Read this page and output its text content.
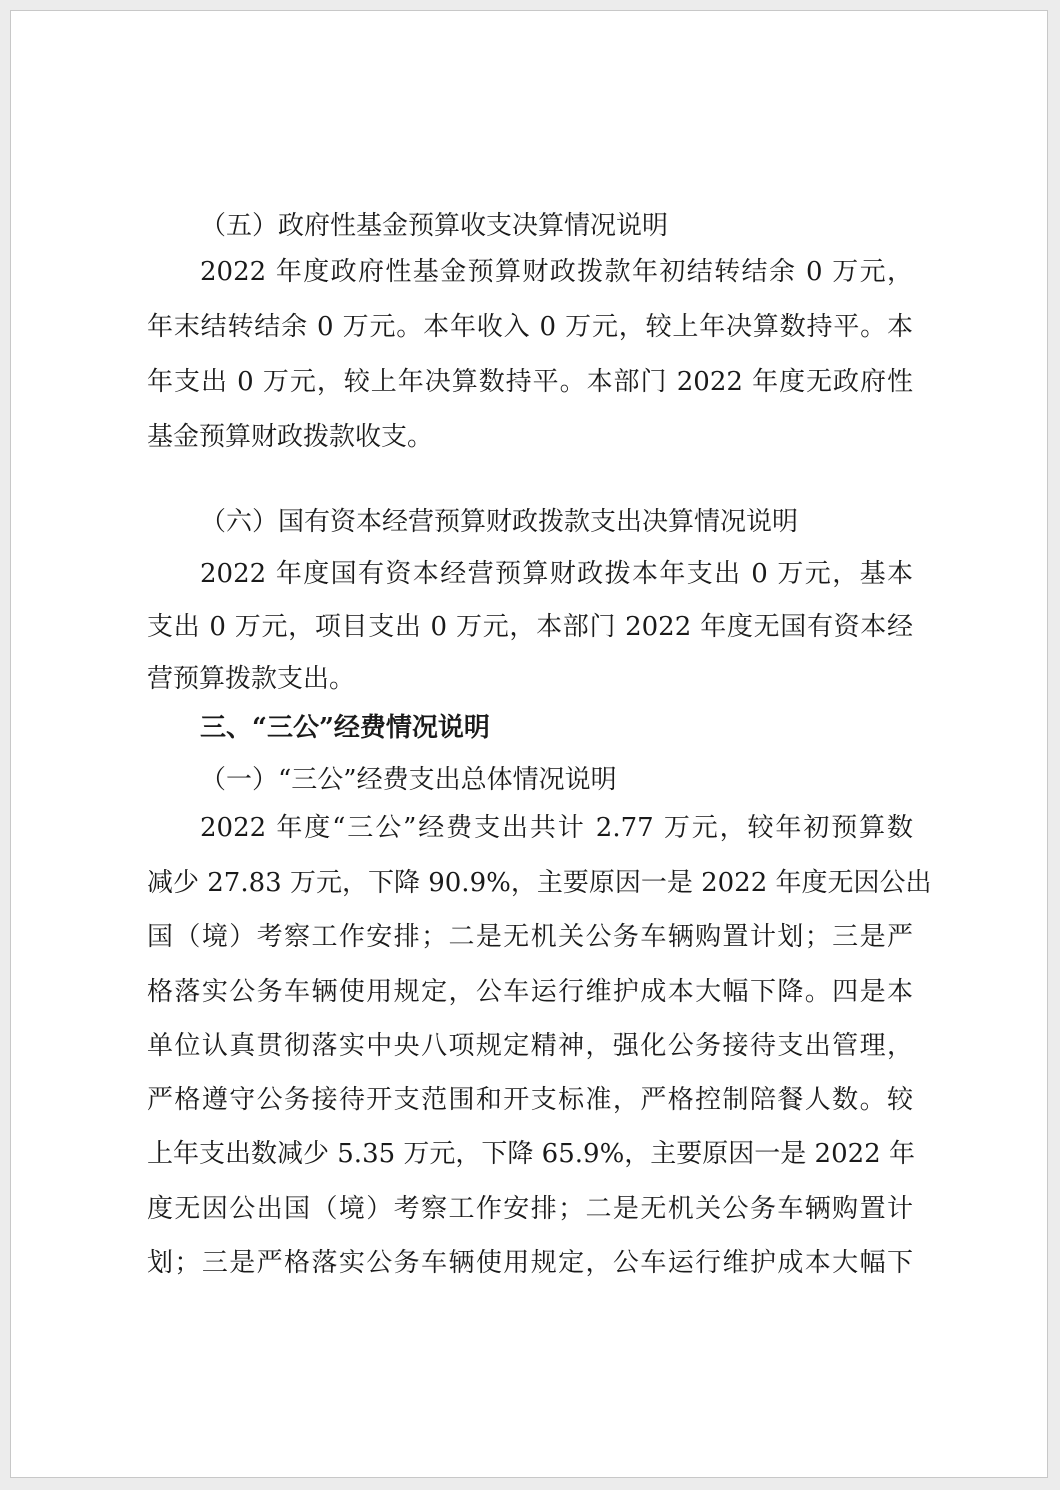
（五）政府性基金预算收支决算情况说明
2022 年度政府性基金预算财政拨款年初结转结余 0 万元，
年末结转结余 0 万元。本年收入 0 万元，较上年决算数持平。本
年支出 0 万元，较上年决算数持平。本部门 2022 年度无政府性
基金预算财政拨款收支。
（六）国有资本经营预算财政拨款支出决算情况说明
2022 年度国有资本经营预算财政拨本年支出 0 万元，基本
支出 0 万元，项目支出 0 万元，本部门 2022 年度无国有资本经
营预算拨款支出。
三、“三公”经费情况说明
（一）“三公”经费支出总体情况说明
2022 年度“三公”经费支出共计 2.77 万元，较年初预算数
减少 27.83 万元，下降 90.9%，主要原因一是 2022 年度无因公出
国（境）考察工作安排；二是无机关公务车辆购置计划；三是严
格落实公务车辆使用规定，公车运行维护成本大幅下降。四是本
单位认真贯彻落实中央八项规定精神，强化公务接待支出管理，
严格遵守公务接待开支范围和开支标准，严格控制陪餐人数。较
上年支出数减少 5.35 万元，下降 65.9%，主要原因一是 2022 年
度无因公出国（境）考察工作安排；二是无机关公务车辆购置计
划；三是严格落实公务车辆使用规定，公车运行维护成本大幅下
